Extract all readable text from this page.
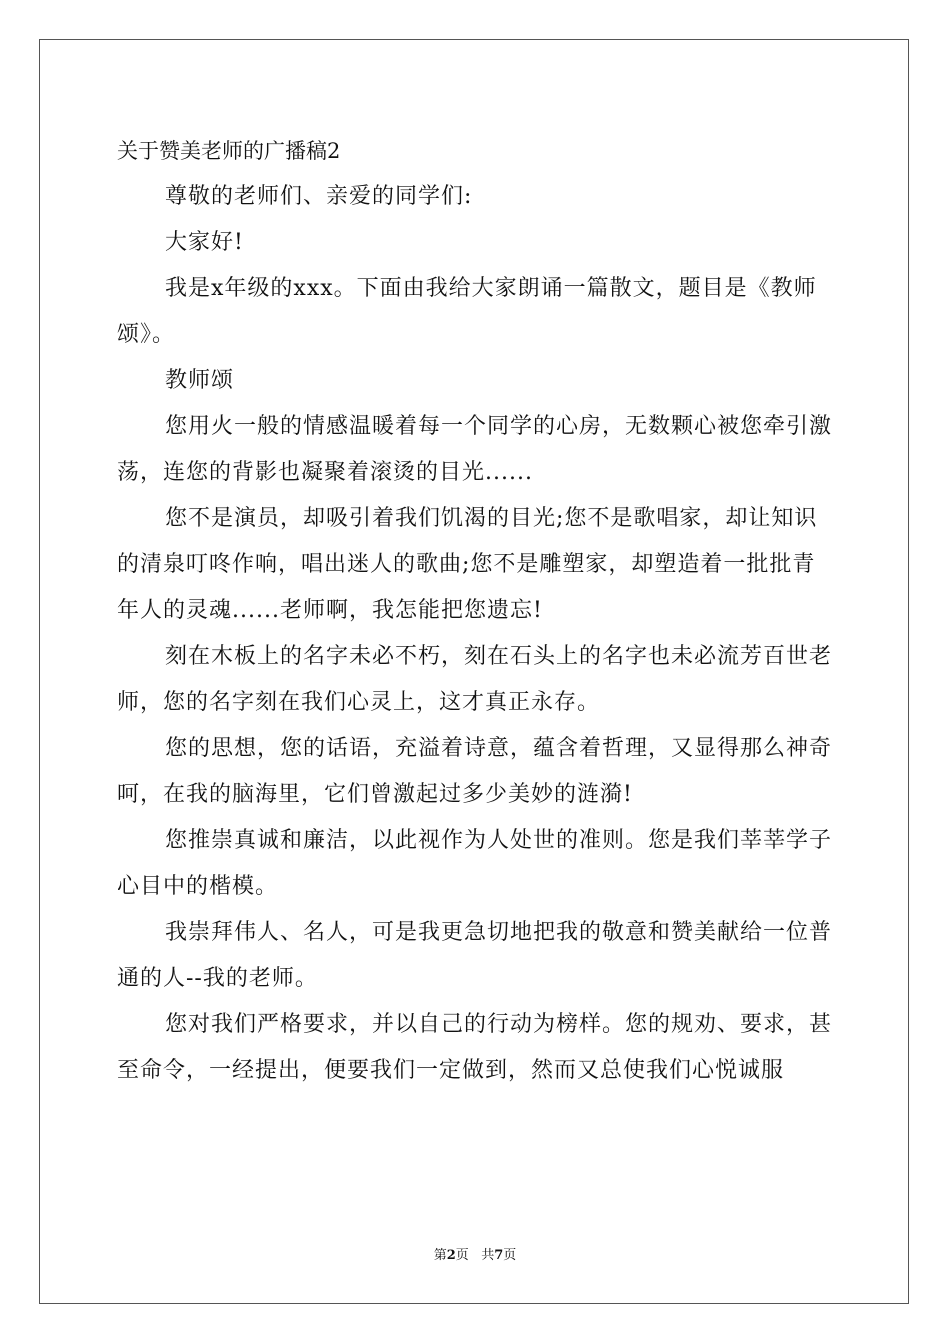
关于赞美老师的广播稿2

尊敬的老师们、亲爱的同学们:

大家好!

我是x年级的xxx。下面由我给大家朗诵一篇散文，题目是《教师颂》。

教师颂

您用火一般的情感温暖着每一个同学的心房，无数颗心被您牵引激荡，连您的背影也凝聚着滚烫的目光......

您不是演员，却吸引着我们饥渴的目光;您不是歌唱家，却让知识的清泉叮咚作响，唱出迷人的歌曲;您不是雕塑家，却塑造着一批批青年人的灵魂......老师啊，我怎能把您遗忘!

刻在木板上的名字未必不朽，刻在石头上的名字也未必流芳百世老师，您的名字刻在我们心灵上，这才真正永存。

您的思想，您的话语，充溢着诗意，蕴含着哲理，又显得那么神奇呵，在我的脑海里，它们曾激起过多少美妙的涟漪!

您推崇真诚和廉洁，以此视作为人处世的准则。您是我们莘莘学子心目中的楷模。

我崇拜伟人、名人，可是我更急切地把我的敬意和赞美献给一位普通的人--我的老师。

您对我们严格要求，并以自己的行动为榜样。您的规劝、要求，甚至命令，一经提出，便要我们一定做到，然而又总使我们心悦诚服

第2页   共7页
